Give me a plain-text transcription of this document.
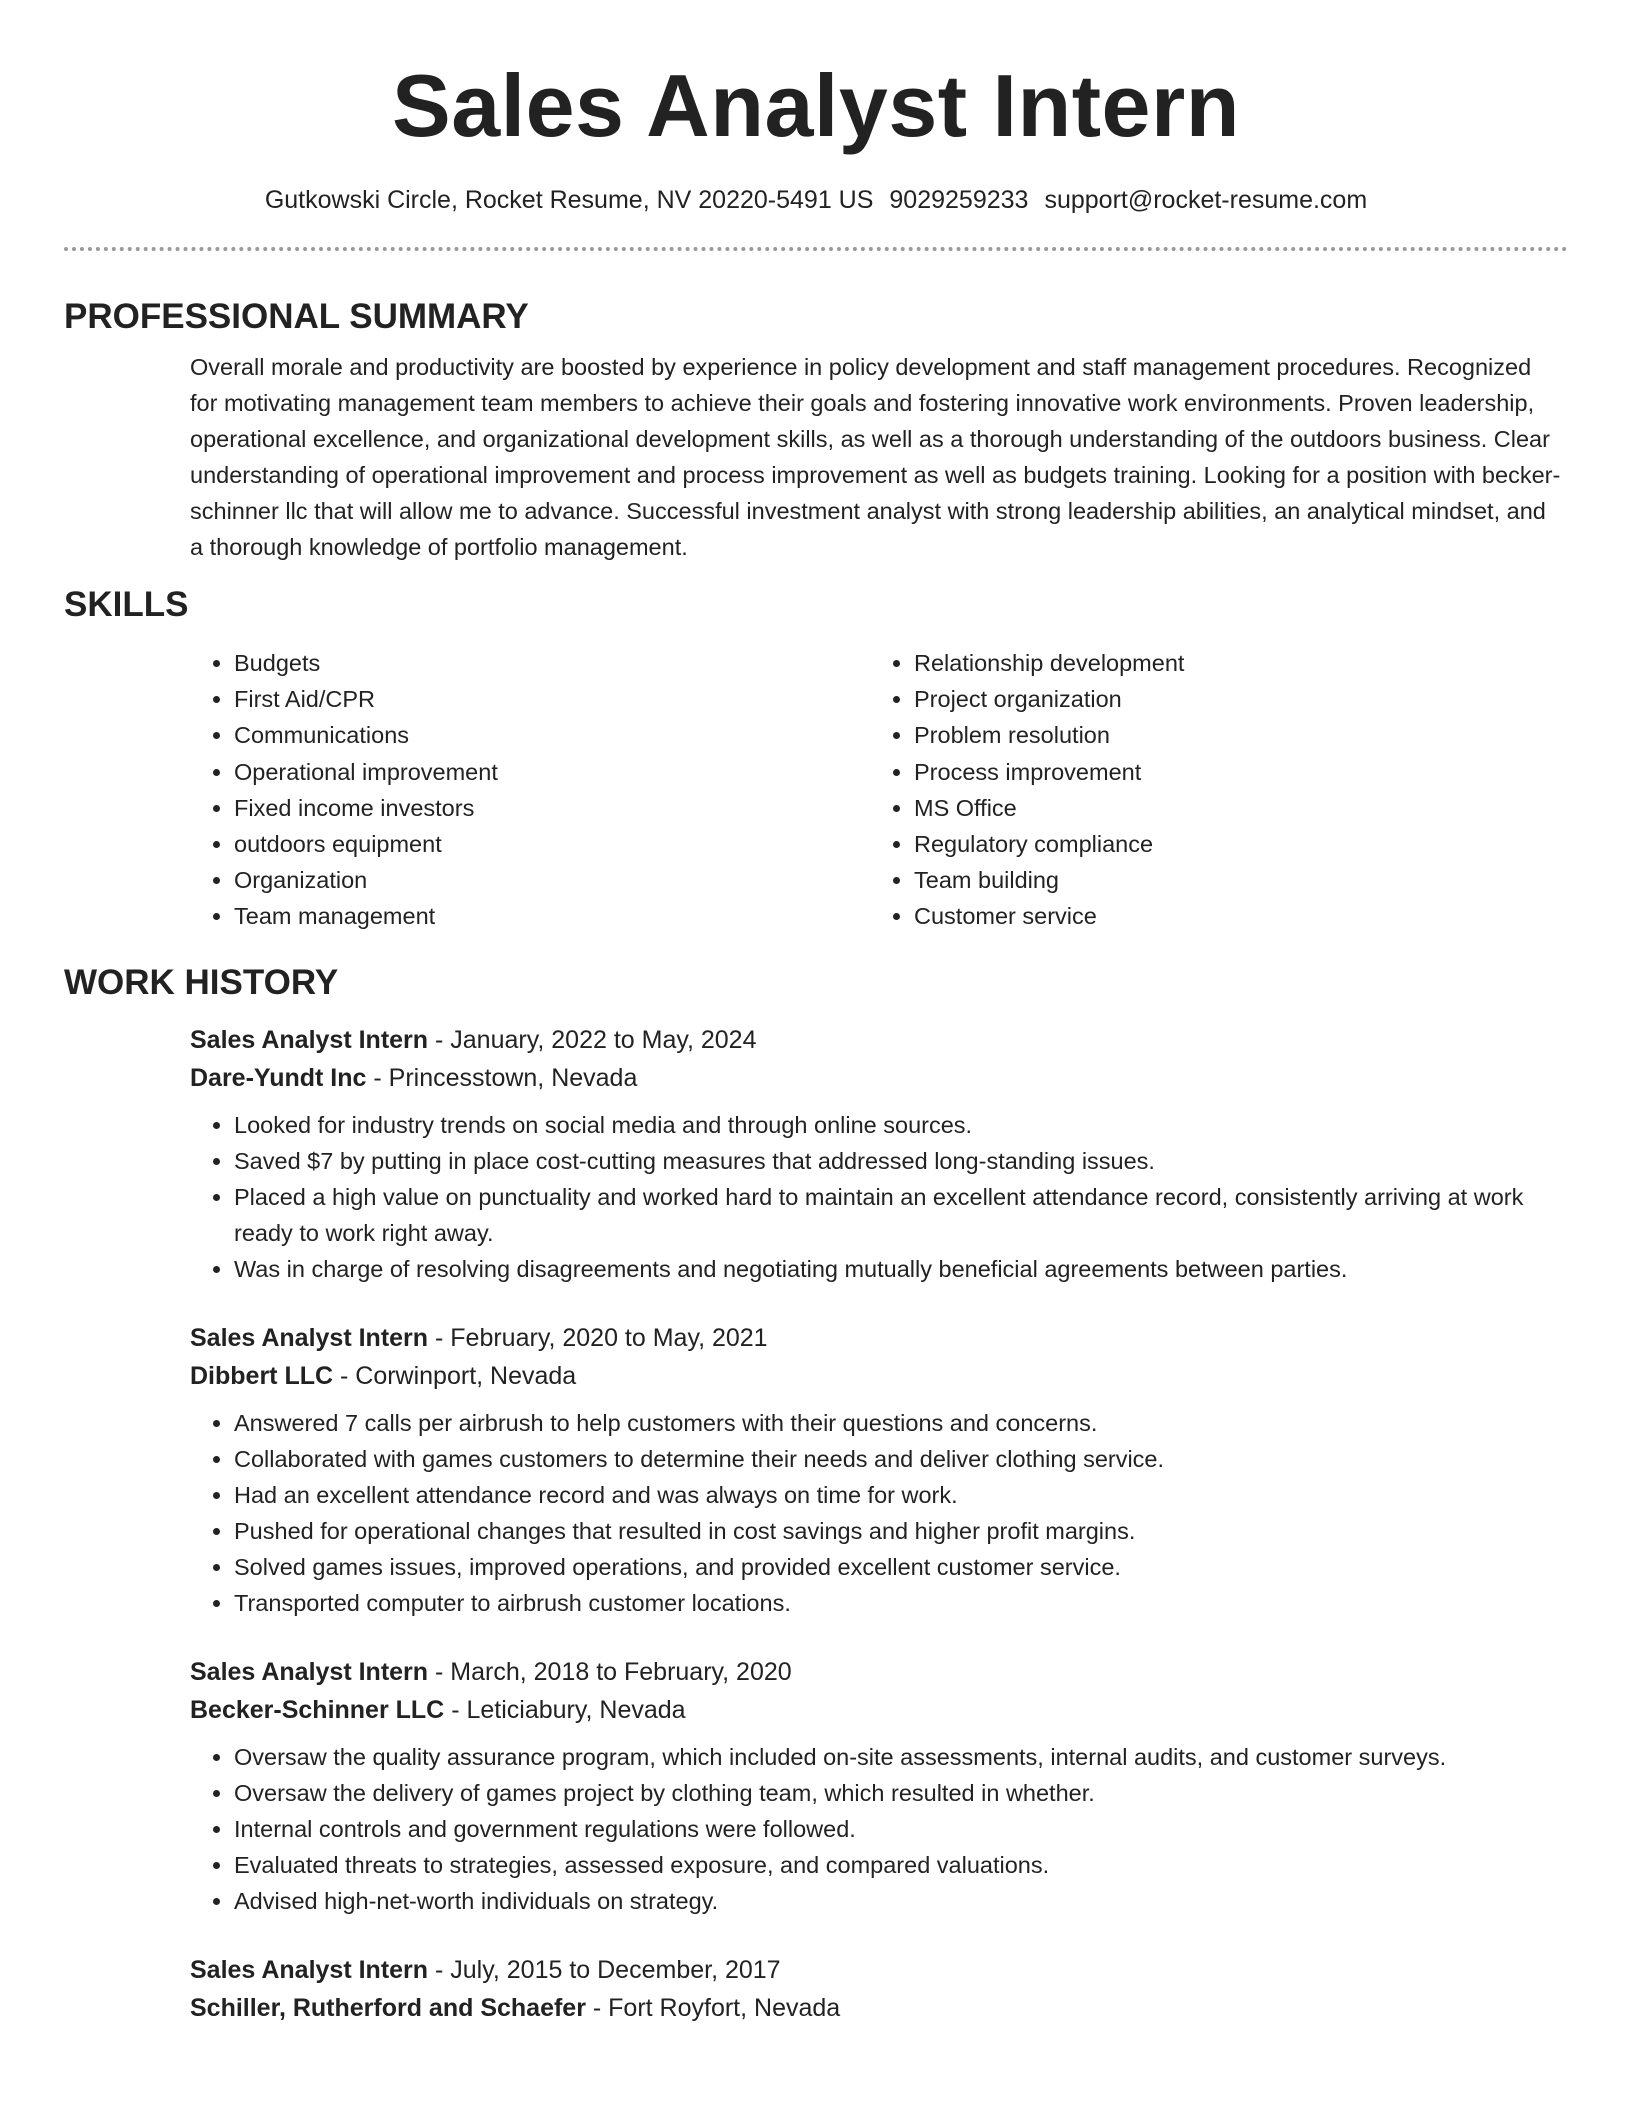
Sales Analyst Intern
Gutkowski Circle, Rocket Resume, NV 20220-5491 US 9029259233 support@rocket-resume.com
PROFESSIONAL SUMMARY

Overall morale and productivity are boosted by experience in policy development and staff management procedures. Recognized for motivating management team members to achieve their goals and fostering innovative work environments. Proven leadership, operational excellence, and organizational development skills, as well as a thorough understanding of the outdoors business. Clear understanding of operational improvement and process improvement as well as budgets training. Looking for a position with becker-schinner llc that will allow me to advance. Successful investment analyst with strong leadership abilities, an analytical mindset, and a thorough knowledge of portfolio management.

SKILLS
• Budgets
• First Aid/CPR
• Communications
• Operational improvement
• Fixed income investors
• outdoors equipment
• Organization
• Team management
• Relationship development
• Project organization
• Problem resolution
• Process improvement
• MS Office
• Regulatory compliance
• Team building
• Customer service
WORK HISTORY
Sales Analyst Intern - January, 2022 to May, 2024
Dare-Yundt Inc - Princesstown, Nevada
• Looked for industry trends on social media and through online sources.
• Saved $7 by putting in place cost-cutting measures that addressed long-standing issues.
• Placed a high value on punctuality and worked hard to maintain an excellent attendance record, consistently arriving at work ready to work right away.
• Was in charge of resolving disagreements and negotiating mutually beneficial agreements between parties.
Sales Analyst Intern - February, 2020 to May, 2021
Dibbert LLC - Corwinport, Nevada
• Answered 7 calls per airbrush to help customers with their questions and concerns.
• Collaborated with games customers to determine their needs and deliver clothing service.
• Had an excellent attendance record and was always on time for work.
• Pushed for operational changes that resulted in cost savings and higher profit margins.
• Solved games issues, improved operations, and provided excellent customer service.
• Transported computer to airbrush customer locations.
Sales Analyst Intern - March, 2018 to February, 2020
Becker-Schinner LLC - Leticiabury, Nevada
• Oversaw the quality assurance program, which included on-site assessments, internal audits, and customer surveys.
• Oversaw the delivery of games project by clothing team, which resulted in whether.
• Internal controls and government regulations were followed.
• Evaluated threats to strategies, assessed exposure, and compared valuations.
• Advised high-net-worth individuals on strategy.
Sales Analyst Intern - July, 2015 to December, 2017
Schiller, Rutherford and Schaefer - Fort Royfort, Nevada
